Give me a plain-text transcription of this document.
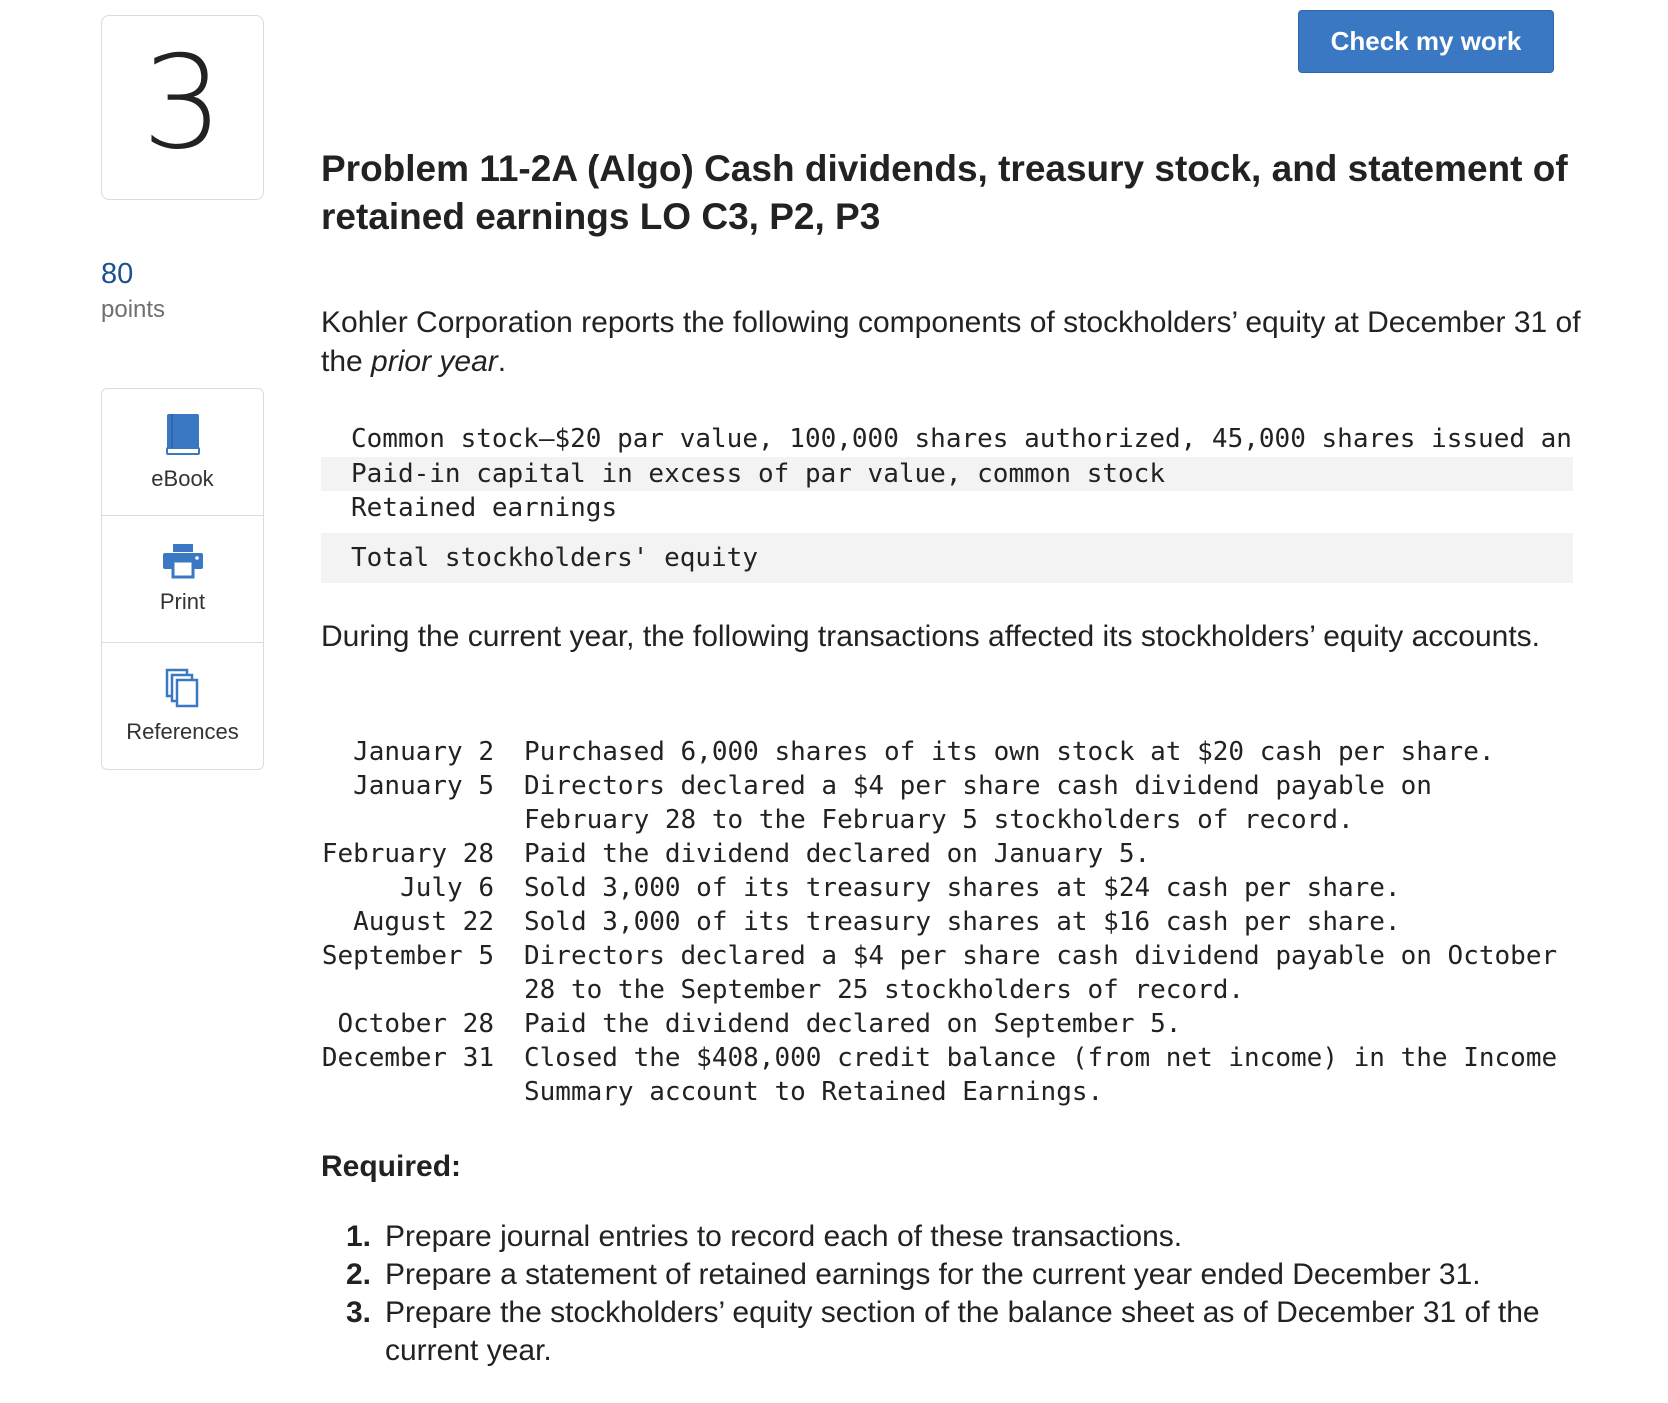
3
80
points
eBook
Print
References
Check my work
Problem 11-2A (Algo) Cash dividends, treasury stock, and statement of retained earnings LO C3, P2, P3

Kohler Corporation reports the following components of stockholders’ equity at December 31 of the prior year.

Common stock—$20 par value, 100,000 shares authorized, 45,000 shares issued an
Paid-in capital in excess of par value, common stock
Retained earnings
Total stockholders' equity

During the current year, the following transactions affected its stockholders’ equity accounts.

January 2 Purchased 6,000 shares of its own stock at $20 cash per share.
January 5 Directors declared a $4 per share cash dividend payable on
February 28 to the February 5 stockholders of record.
February 28 Paid the dividend declared on January 5.
July 6 Sold 3,000 of its treasury shares at $24 cash per share.
August 22 Sold 3,000 of its treasury shares at $16 cash per share.
September 5 Directors declared a $4 per share cash dividend payable on October
28 to the September 25 stockholders of record.
October 28 Paid the dividend declared on September 5.
December 31 Closed the $408,000 credit balance (from net income) in the Income
Summary account to Retained Earnings.
Required:
1. Prepare journal entries to record each of these transactions.
2. Prepare a statement of retained earnings for the current year ended December 31.
3. Prepare the stockholders’ equity section of the balance sheet as of December 31 of the current year.
